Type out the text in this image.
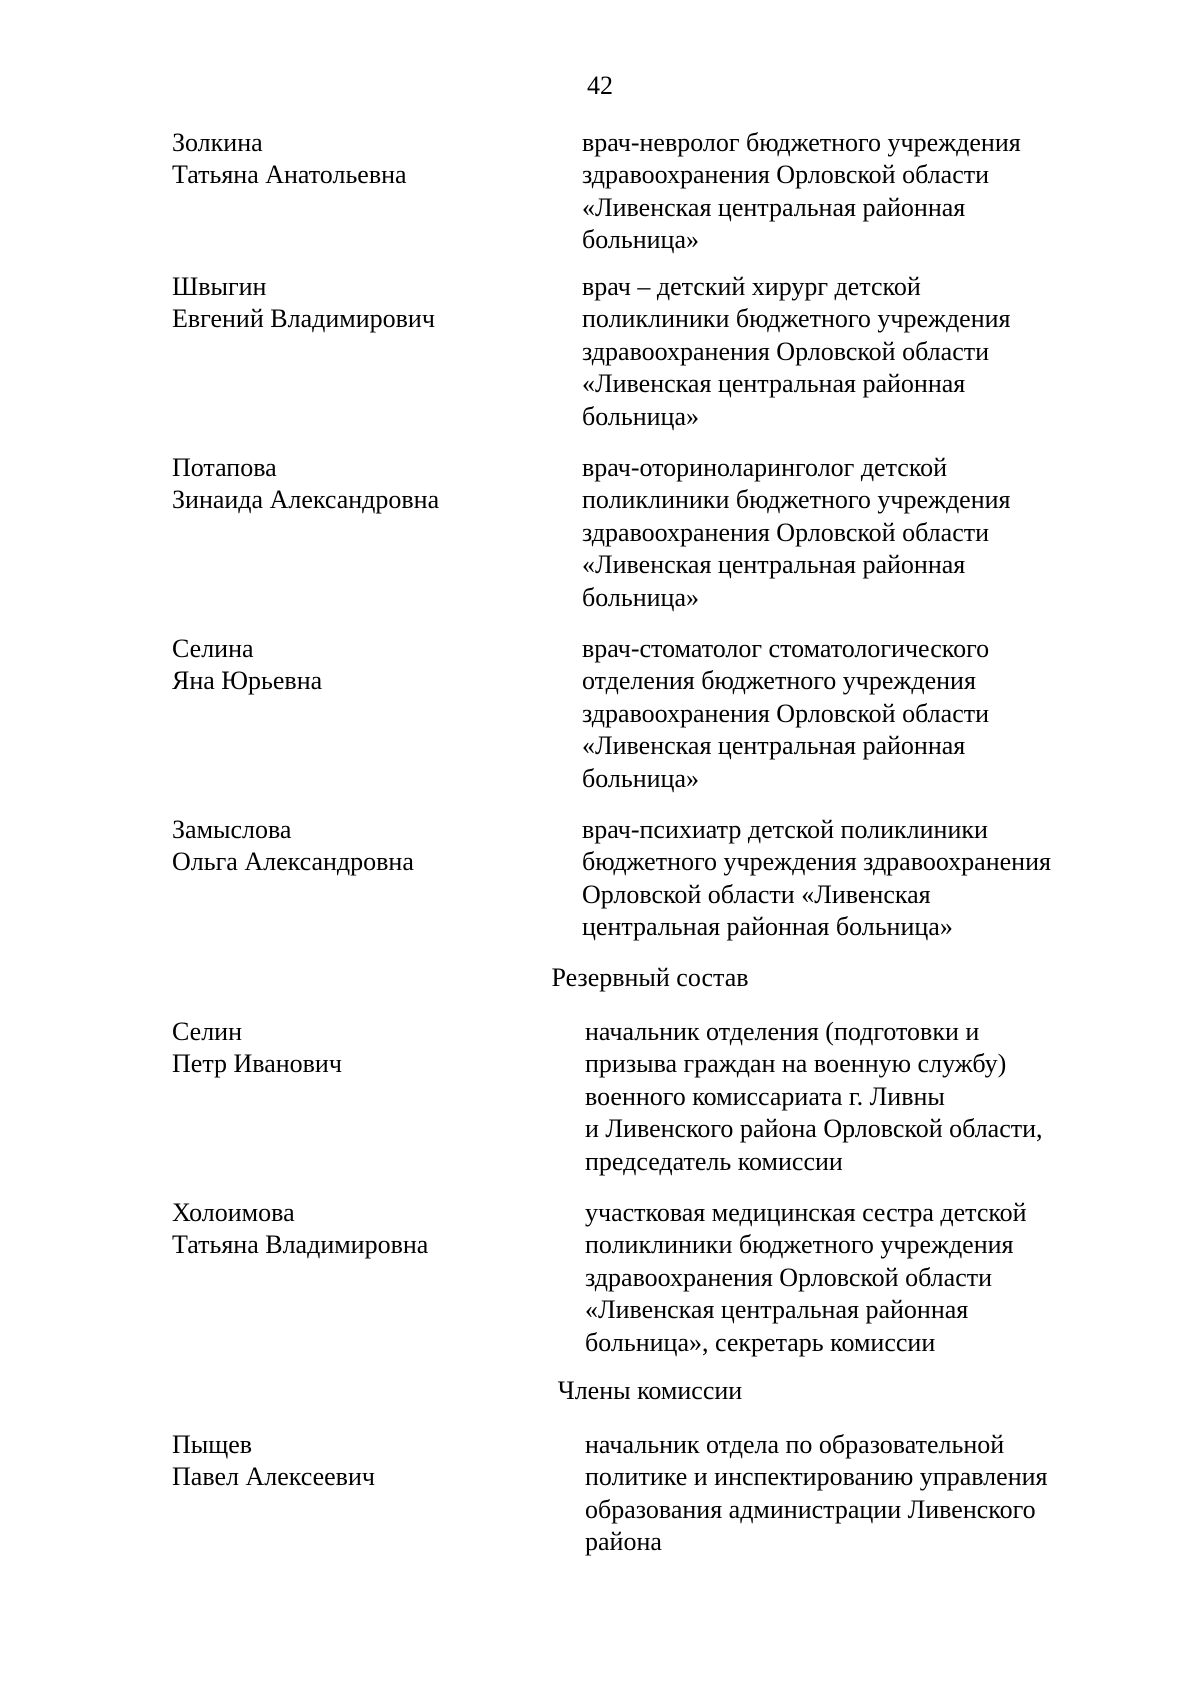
42
Золкина
Татьяна Анатольевна
врач-невролог бюджетного учреждения
здравоохранения Орловской области
«Ливенская центральная районная
больница»
Швыгин
Евгений Владимирович
врач – детский хирург детской
поликлиники бюджетного учреждения
здравоохранения Орловской области
«Ливенская центральная районная
больница»
Потапова
Зинаида Александровна
врач-оториноларинголог детской
поликлиники бюджетного учреждения
здравоохранения Орловской области
«Ливенская центральная районная
больница»
Селина
Яна Юрьевна
врач-стоматолог стоматологического
отделения бюджетного учреждения
здравоохранения Орловской области
«Ливенская центральная районная
больница»
Замыслова
Ольга Александровна
врач-психиатр детской поликлиники
бюджетного учреждения здравоохранения
Орловской области «Ливенская
центральная районная больница»
Резервный состав
Селин
Петр Иванович
начальник отделения (подготовки и
призыва граждан на военную службу)
военного комиссариата г. Ливны
и Ливенского района Орловской области,
председатель комиссии
Холоимова
Татьяна Владимировна
участковая медицинская сестра детской
поликлиники бюджетного учреждения
здравоохранения Орловской области
«Ливенская центральная районная
больница», секретарь комиссии
Члены комиссии
Пыщев
Павел Алексеевич
начальник отдела по образовательной
политике и инспектированию управления
образования администрации Ливенского
района
